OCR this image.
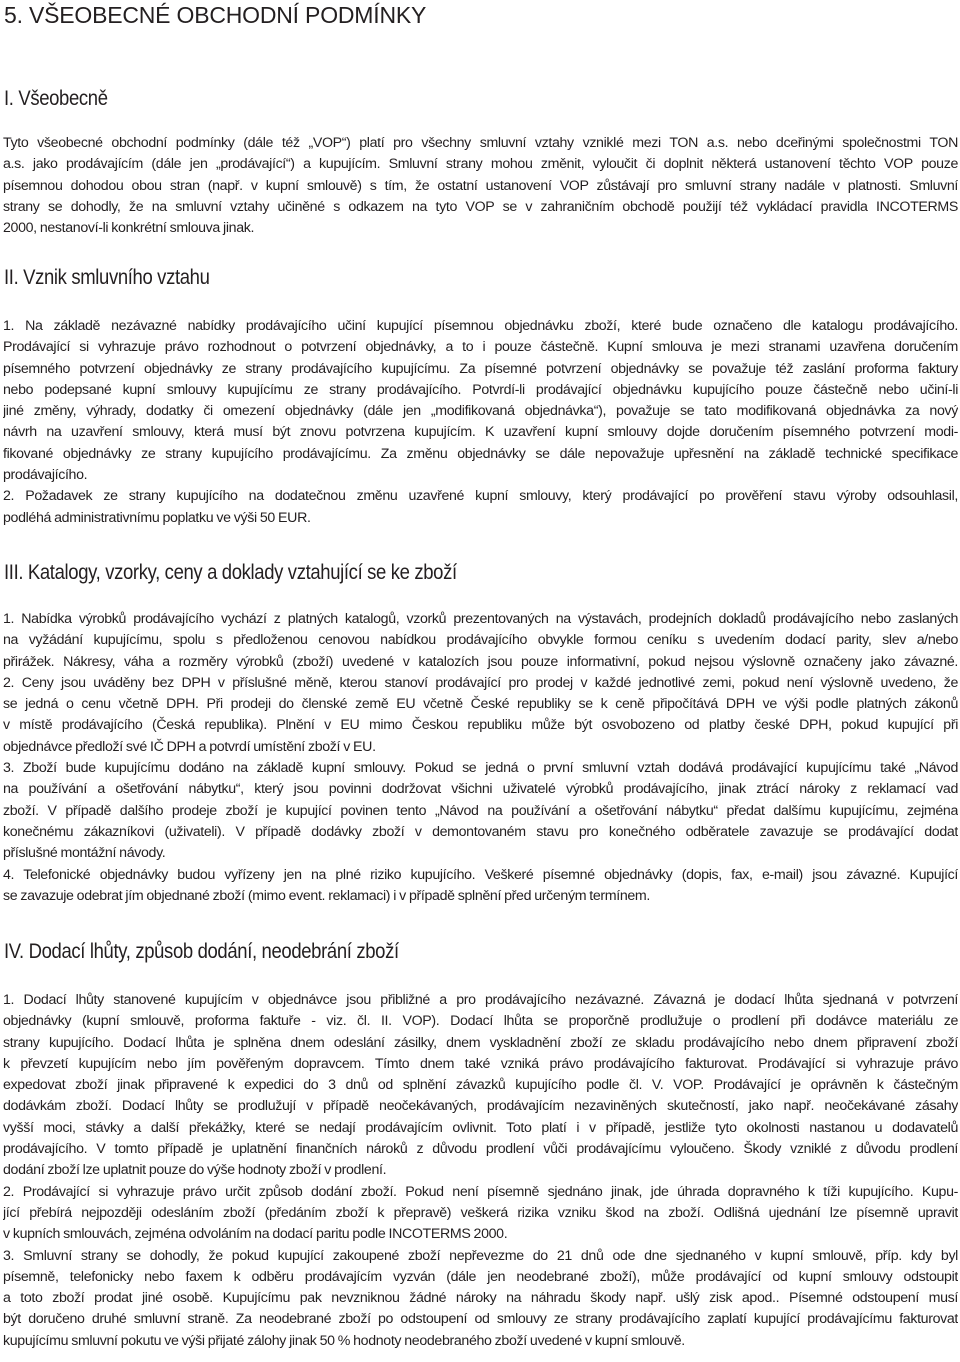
5. VŠEOBECNÉ OBCHODNÍ PODMÍNKY
I. Všeobecně
Tyto všeobecné obchodní podmínky (dále též „VOP“) platí pro všechny smluvní vztahy vzniklé mezi TON a.s. nebo dceřinými společnostmi TON
a.s. jako prodávajícím (dále jen „prodávající“) a kupujícím. Smluvní strany mohou změnit, vyloučit či doplnit některá ustanovení těchto VOP pouze
písemnou dohodou obou stran (např. v kupní smlouvě) s tím, že ostatní ustanovení VOP zůstávají pro smluvní strany nadále v platnosti. Smluvní
strany se dohodly, že na smluvní vztahy učiněné s odkazem na tyto VOP se v zahraničním obchodě použijí též vykládací pravidla INCOTERMS
2000, nestanoví-li konkrétní smlouva jinak.
II. Vznik smluvního vztahu
1. Na základě nezávazné nabídky prodávajícího učiní kupující písemnou objednávku zboží, které bude označeno dle katalogu prodávajícího.
Prodávající si vyhrazuje právo rozhodnout o potvrzení objednávky, a to i pouze částečně. Kupní smlouva je mezi stranami uzavřena doručením
písemného potvrzení objednávky ze strany prodávajícího kupujícímu. Za písemné potvrzení objednávky se považuje též zaslání proforma faktury
nebo podepsané kupní smlouvy kupujícímu ze strany prodávajícího. Potvrdí-li prodávající objednávku kupujícího pouze částečně nebo učiní-li
jiné změny, výhrady, dodatky či omezení objednávky (dále jen „modifikovaná objednávka“), považuje se tato modifikovaná objednávka za nový
návrh na uzavření smlouvy, která musí být znovu potvrzena kupujícím. K uzavření kupní smlouvy dojde doručením písemného potvrzení modi-
fikované objednávky ze strany kupujícího prodávajícímu. Za změnu objednávky se dále nepovažuje upřesnění na základě technické specifikace
prodávajícího.
2. Požadavek ze strany kupujícího na dodatečnou změnu uzavřené kupní smlouvy, který prodávající po prověření stavu výroby odsouhlasil,
podléhá administrativnímu poplatku ve výši 50 EUR.
III. Katalogy, vzorky, ceny a doklady vztahující se ke zboží
1. Nabídka výrobků prodávajícího vychází z platných katalogů, vzorků prezentovaných na výstavách, prodejních dokladů prodávajícího nebo zaslaných
na vyžádání kupujícímu, spolu s předloženou cenovou nabídkou prodávajícího obvykle formou ceníku s uvedením dodací parity, slev a/nebo
přirážek. Nákresy, váha a rozměry výrobků (zboží) uvedené v katalozích jsou pouze informativní, pokud nejsou výslovně označeny jako závazné.
2. Ceny jsou uváděny bez DPH v příslušné měně, kterou stanoví prodávající pro prodej v každé jednotlivé zemi, pokud není výslovně uvedeno, že
se jedná o cenu včetně DPH. Při prodeji do členské země EU včetně České republiky se k ceně připočítává DPH ve výši podle platných zákonů
v místě prodávajícího (Česká republika). Plnění v EU mimo Českou republiku může být osvobozeno od platby české DPH, pokud kupující při
objednávce předloží své IČ DPH a potvrdí umístění zboží v EU.
3. Zboží bude kupujícímu dodáno na základě kupní smlouvy. Pokud se jedná o první smluvní vztah dodává prodávající kupujícímu také „Návod
na používání a ošetřování nábytku“, který jsou povinni dodržovat všichni uživatelé výrobků prodávajícího, jinak ztrácí nároky z reklamací vad
zboží. V případě dalšího prodeje zboží je kupující povinen tento „Návod na používání a ošetřování nábytku“ předat dalšímu kupujícímu, zejména
konečnému zákazníkovi (uživateli). V případě dodávky zboží v demontovaném stavu pro konečného odběratele zavazuje se prodávající dodat
příslušné montážní návody.
4. Telefonické objednávky budou vyřízeny jen na plné riziko kupujícího. Veškeré písemné objednávky (dopis, fax, e-mail) jsou závazné. Kupující
se zavazuje odebrat jím objednané zboží (mimo event. reklamaci) i v případě splnění před určeným termínem.
IV. Dodací lhůty, způsob dodání, neodebrání zboží
1. Dodací lhůty stanovené kupujícím v objednávce jsou přibližné a pro prodávajícího nezávazné. Závazná je dodací lhůta sjednaná v potvrzení
objednávky (kupní smlouvě, proforma faktuře - viz. čl. II. VOP). Dodací lhůta se proporčně prodlužuje o prodlení při dodávce materiálu ze
strany kupujícího. Dodací lhůta je splněna dnem odeslání zásilky, dnem vyskladnění zboží ze skladu prodávajícího nebo dnem připravení zboží
k převzetí kupujícím nebo jím pověřeným dopravcem. Tímto dnem také vzniká právo prodávajícího fakturovat. Prodávající si vyhrazuje právo
expedovat zboží jinak připravené k expedici do 3 dnů od splnění závazků kupujícího podle čl. V. VOP. Prodávající je oprávněn k částečným
dodávkám zboží. Dodací lhůty se prodlužují v případě neočekávaných, prodávajícím nezaviněných skutečností, jako např. neočekávané zásahy
vyšší moci, stávky a další překážky, které se nedají prodávajícím ovlivnit. Toto platí i v případě, jestliže tyto okolnosti nastanou u dodavatelů
prodávajícího. V tomto případě je uplatnění finančních nároků z důvodu prodlení vůči prodávajícímu vyloučeno. Škody vzniklé z důvodu prodlení
dodání zboží lze uplatnit pouze do výše hodnoty zboží v prodlení.
2. Prodávající si vyhrazuje právo určit způsob dodání zboží. Pokud není písemně sjednáno jinak, jde úhrada dopravného k tíži kupujícího. Kupu-
jící přebírá nejpozději odesláním zboží (předáním zboží k přepravě) veškerá rizika vzniku škod na zboží. Odlišná ujednání lze písemně upravit
v kupních smlouvách, zejména odvoláním na dodací paritu podle INCOTERMS 2000.
3. Smluvní strany se dohodly, že pokud kupující zakoupené zboží nepřevezme do 21 dnů ode dne sjednaného v kupní smlouvě, příp. kdy byl
písemně, telefonicky nebo faxem k odběru prodávajícím vyzván (dále jen neodebrané zboží), může prodávající od kupní smlouvy odstoupit
a toto zboží prodat jiné osobě. Kupujícímu pak nevzniknou žádné nároky na náhradu škody např. ušlý zisk apod.. Písemné odstoupení musí
být doručeno druhé smluvní straně. Za neodebrané zboží po odstoupení od smlouvy ze strany prodávajícího zaplatí kupující prodávajícímu fakturovat
kupujícímu smluvní pokutu ve výši přijaté zálohy jinak 50 % hodnoty neodebraného zboží uvedené v kupní smlouvě.
